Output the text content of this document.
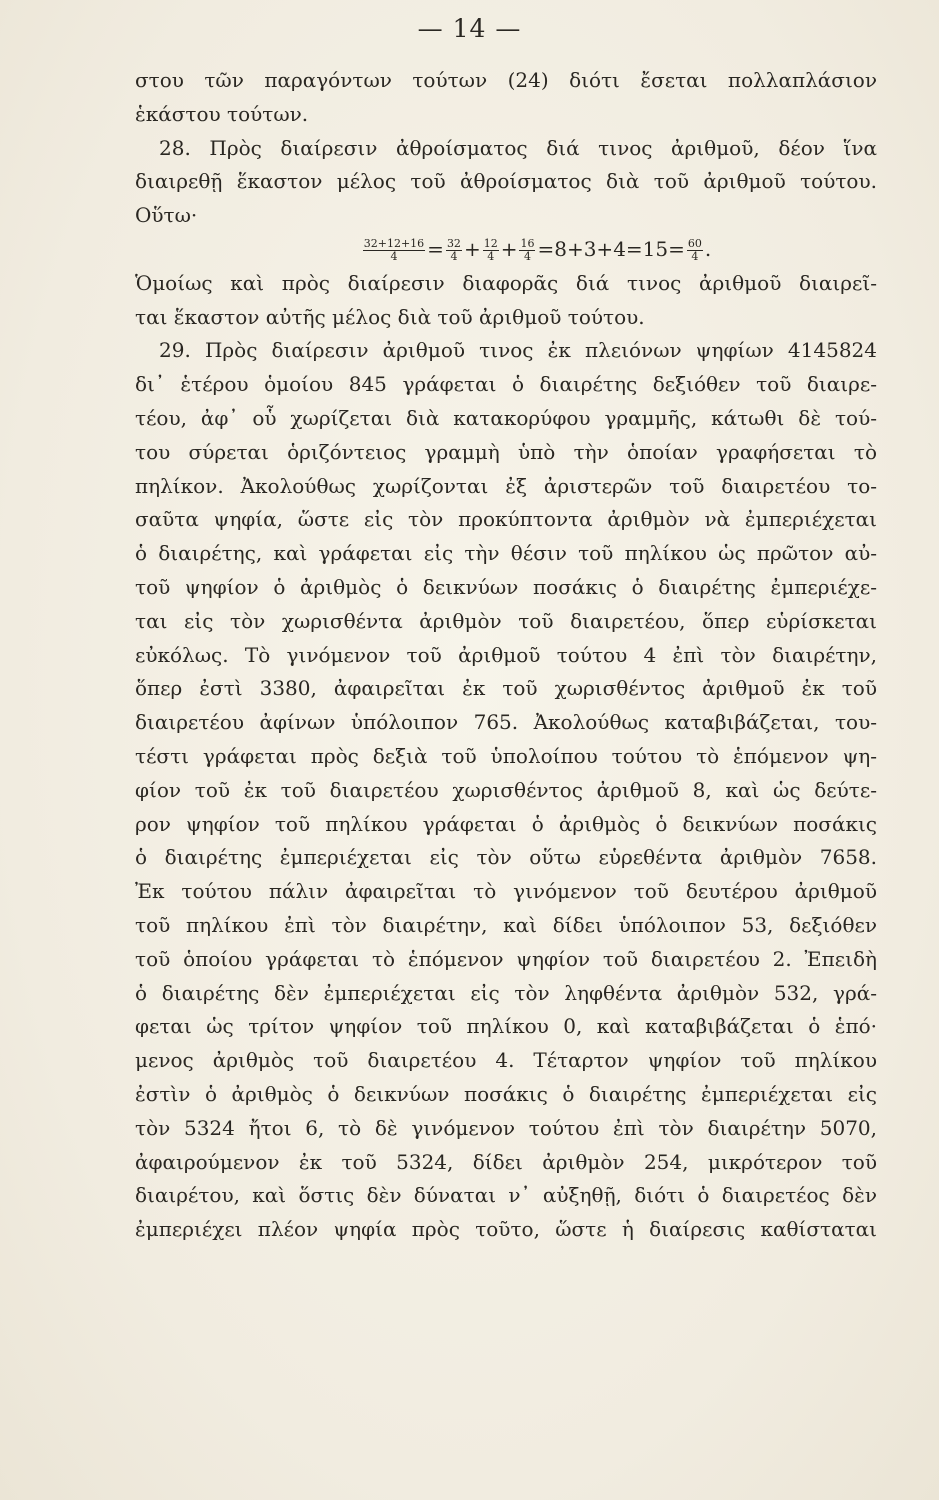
— 14 —
στου τῶν παραγόντων τούτων (24) διότι ἔσεται πολλαπλάσιον
ἑκάστου τούτων.
28. Πρὸς διαίρεσιν ἀθροίσματος διά τινος ἀριθμοῦ, δέον ἵνα
διαιρεθῇ ἕκαστον μέλος τοῦ ἀθροίσματος διὰ τοῦ ἀριθμοῦ τούτου.
Οὕτω·
$\frac{32+12+16}{4} = \frac{32}{4} + \frac{12}{4} + \frac{16}{4} =8+3+4=15= \frac{60}{4}$ .
Ὁμοίως καὶ πρὸς διαίρεσιν διαφορᾶς διά τινος ἀριθμοῦ διαιρεῖ-
ται ἕκαστον αὐτῆς μέλος διὰ τοῦ ἀριθμοῦ τούτου.
29. Πρὸς διαίρεσιν ἀριθμοῦ τινος ἐκ πλειόνων ψηφίων 4145824
δι᾽ ἑτέρου ὁμοίου 845 γράφεται ὁ διαιρέτης δεξιόθεν τοῦ διαιρε-
τέου, ἀφ᾽ οὗ χωρίζεται διὰ κατακορύφου γραμμῆς, κάτωθι δὲ τού-
του σύρεται ὁριζόντειος γραμμὴ ὑπὸ τὴν ὁποίαν γραφήσεται τὸ
πηλίκον. Ἀκολούθως χωρίζονται ἐξ ἀριστερῶν τοῦ διαιρετέου το-
σαῦτα ψηφία, ὥστε εἰς τὸν προκύπτοντα ἀριθμὸν νὰ ἐμπεριέχεται
ὁ διαιρέτης, καὶ γράφεται εἰς τὴν θέσιν τοῦ πηλίκου ὡς πρῶτον αὐ-
τοῦ ψηφίον ὁ ἀριθμὸς ὁ δεικνύων ποσάκις ὁ διαιρέτης ἐμπεριέχε-
ται εἰς τὸν χωρισθέντα ἀριθμὸν τοῦ διαιρετέου, ὅπερ εὑρίσκεται
εὐκόλως. Τὸ γινόμενον τοῦ ἀριθμοῦ τούτου 4 ἐπὶ τὸν διαιρέτην,
ὅπερ ἐστὶ 3380, ἀφαιρεῖται ἐκ τοῦ χωρισθέντος ἀριθμοῦ ἐκ τοῦ
διαιρετέου ἀφίνων ὑπόλοιπον 765. Ἀκολούθως καταβιβάζεται, του-
τέστι γράφεται πρὸς δεξιὰ τοῦ ὑπολοίπου τούτου τὸ ἑπόμενον ψη-
φίον τοῦ ἐκ τοῦ διαιρετέου χωρισθέντος ἀριθμοῦ 8, καὶ ὡς δεύτε-
ρον ψηφίον τοῦ πηλίκου γράφεται ὁ ἀριθμὸς ὁ δεικνύων ποσάκις
ὁ διαιρέτης ἐμπεριέχεται εἰς τὸν οὕτω εὑρεθέντα ἀριθμὸν 7658.
Ἐκ τούτου πάλιν ἀφαιρεῖται τὸ γινόμενον τοῦ δευτέρου ἀριθμοῦ
τοῦ πηλίκου ἐπὶ τὸν διαιρέτην, καὶ δίδει ὑπόλοιπον 53, δεξιόθεν
τοῦ ὁποίου γράφεται τὸ ἑπόμενον ψηφίον τοῦ διαιρετέου 2. Ἐπειδὴ
ὁ διαιρέτης δὲν ἐμπεριέχεται εἰς τὸν ληφθέντα ἀριθμὸν 532, γρά-
φεται ὡς τρίτον ψηφίον τοῦ πηλίκου 0, καὶ καταβιβάζεται ὁ ἑπό·
μενος ἀριθμὸς τοῦ διαιρετέου 4. Τέταρτον ψηφίον τοῦ πηλίκου
ἐστὶν ὁ ἀριθμὸς ὁ δεικνύων ποσάκις ὁ διαιρέτης ἐμπεριέχεται εἰς
τὸν 5324 ἤτοι 6, τὸ δὲ γινόμενον τούτου ἐπὶ τὸν διαιρέτην 5070,
ἀφαιρούμενον ἐκ τοῦ 5324, δίδει ἀριθμὸν 254, μικρότερον τοῦ
διαιρέτου, καὶ ὅστις δὲν δύναται ν᾽ αὐξηθῇ, διότι ὁ διαιρετέος δὲν
ἐμπεριέχει πλέον ψηφία πρὸς τοῦτο, ὥστε ἡ διαίρεσις καθίσταται
